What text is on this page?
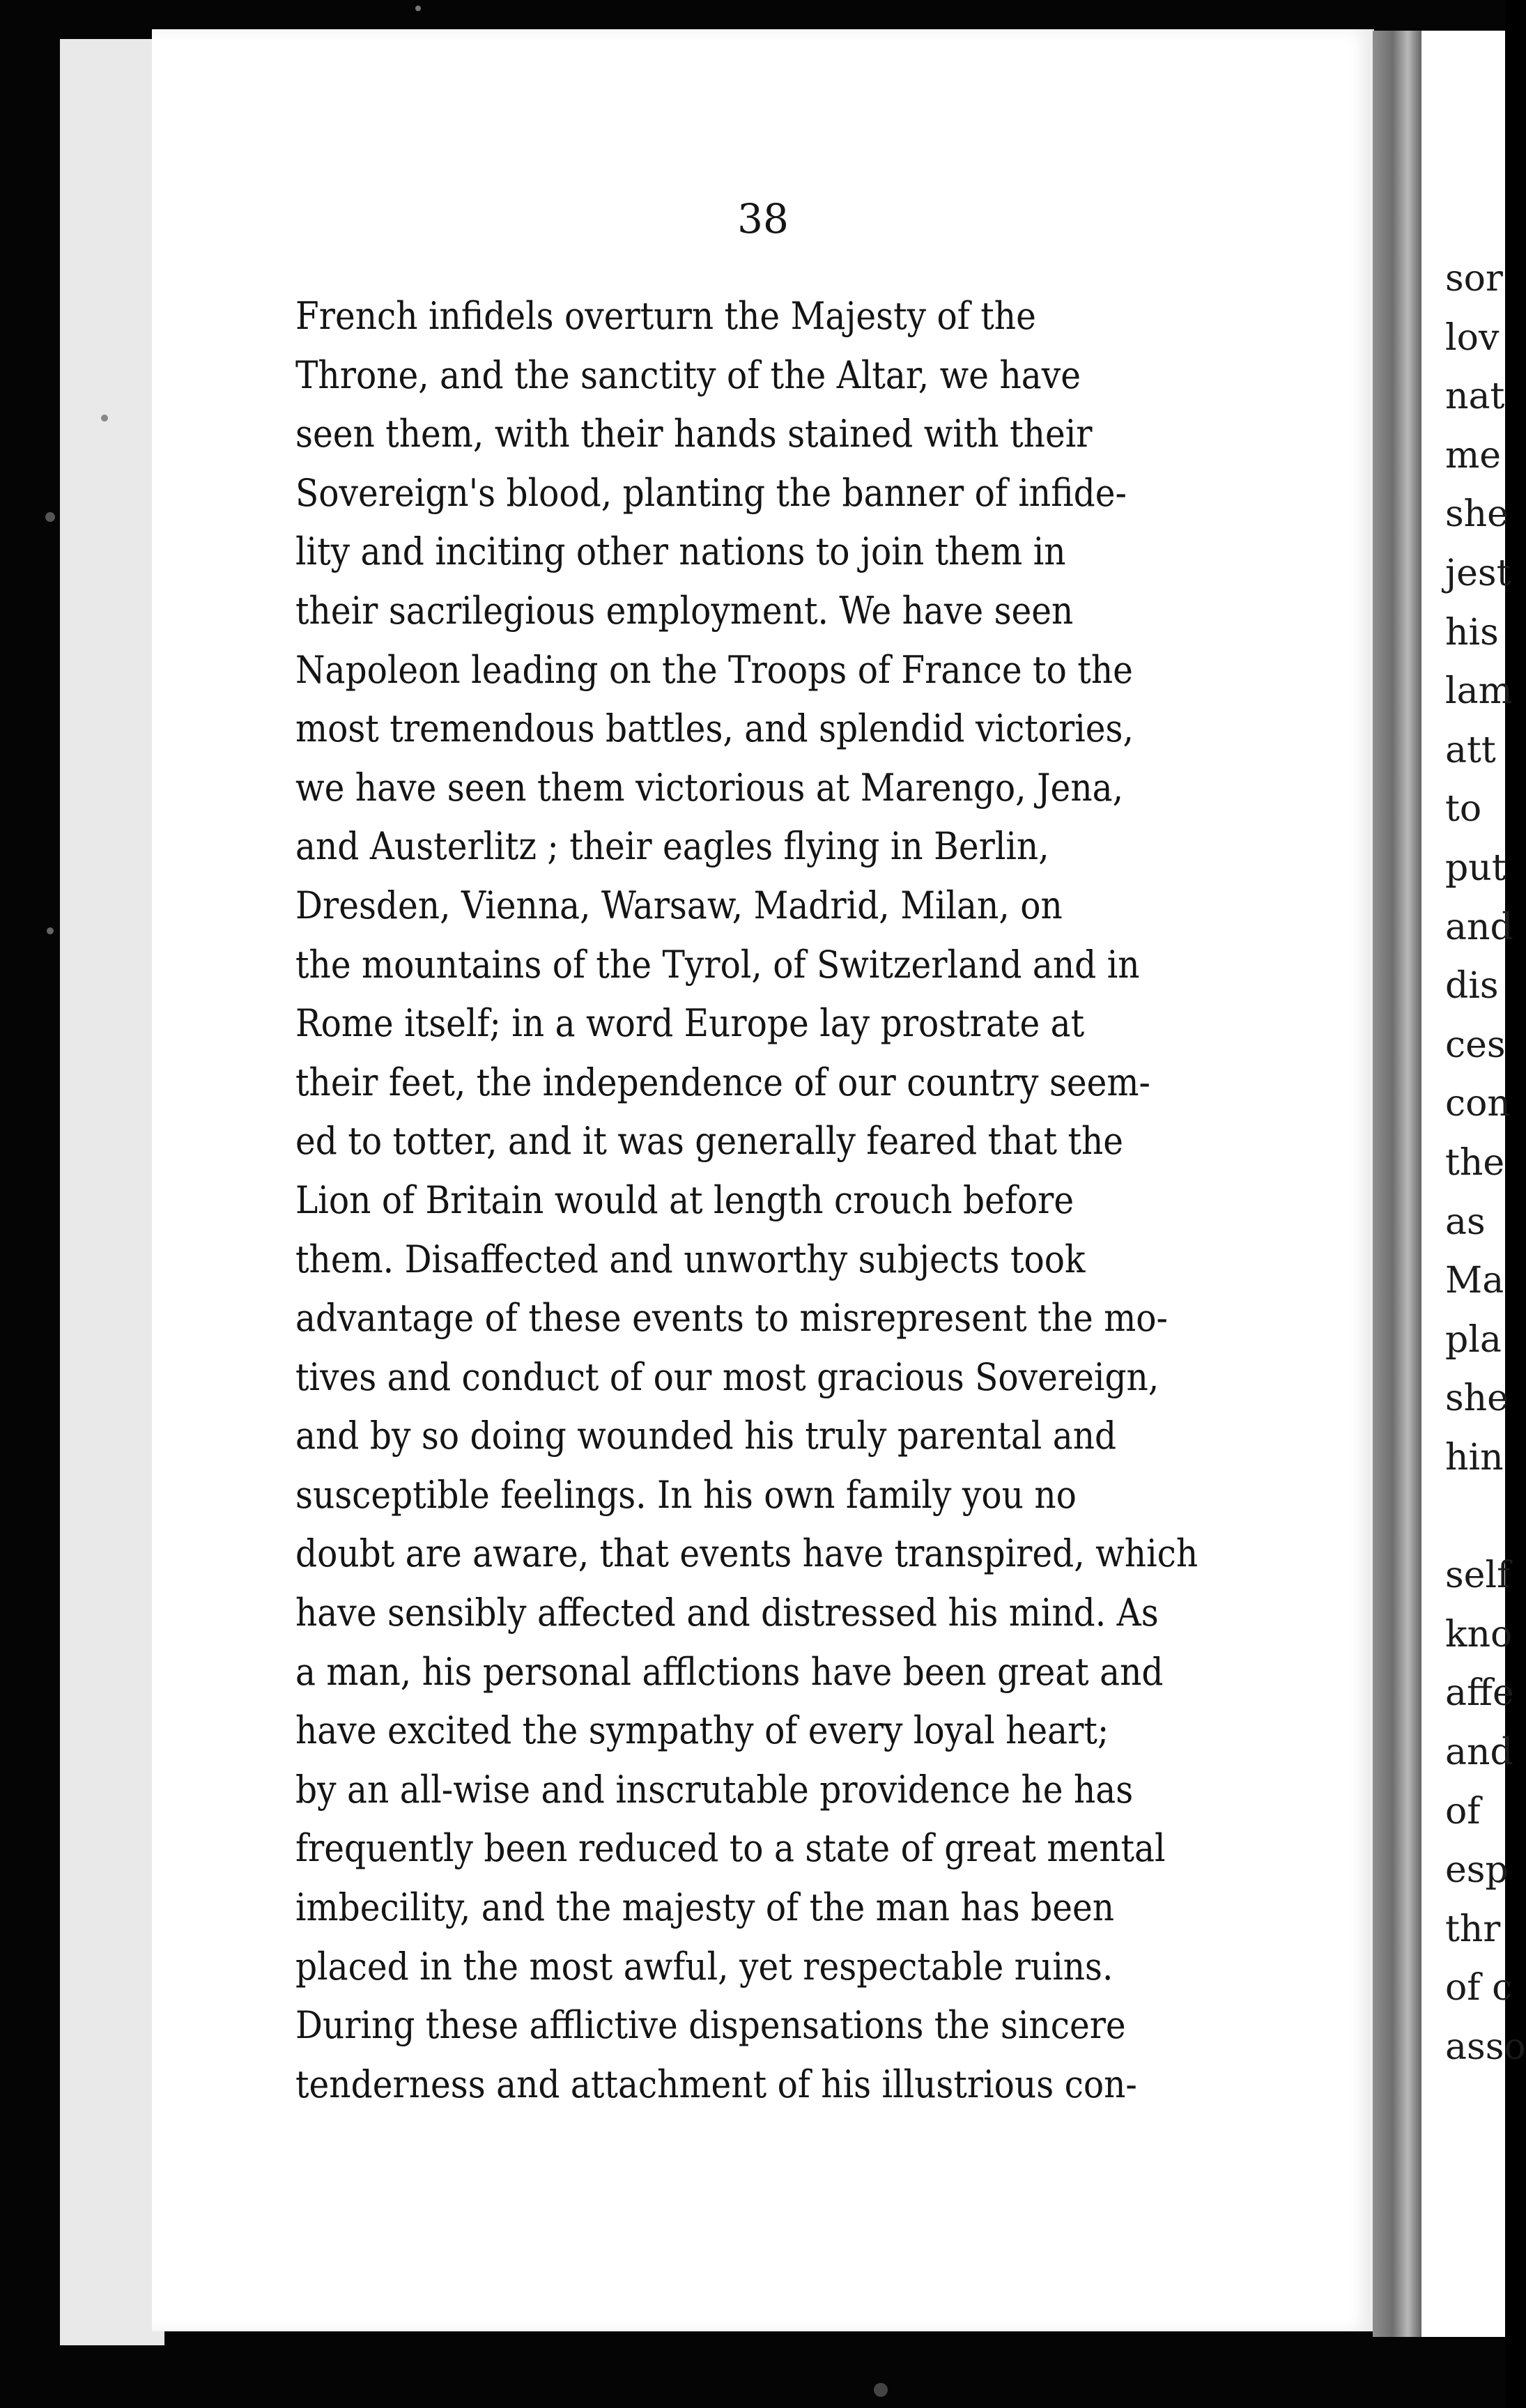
38
French infidels overturn the Majesty of the
Throne, and the sanctity of the Altar, we have
seen them, with their hands stained with their
Sovereign's blood, planting the banner of infide-
lity and inciting other nations to join them in
their sacrilegious employment. We have seen
Napoleon leading on the Troops of France to the
most tremendous battles, and splendid victories,
we have seen them victorious at Marengo, Jena,
and Austerlitz ; their eagles flying in Berlin,
Dresden, Vienna, Warsaw, Madrid, Milan, on
the mountains of the Tyrol, of Switzerland and in
Rome itself; in a word Europe lay prostrate at
their feet, the independence of our country seem-
ed to totter, and it was generally feared that the
Lion of Britain would at length crouch before
them. Disaffected and unworthy subjects took
advantage of these events to misrepresent the mo-
tives and conduct of our most gracious Sovereign,
and by so doing wounded his truly parental and
susceptible feelings. In his own family you no
doubt are aware, that events have transpired, which
have sensibly affected and distressed his mind. As
a man, his personal afflctions have been great and
have excited the sympathy of every loyal heart;
by an all-wise and inscrutable providence he has
frequently been reduced to a state of great mental
imbecility, and the majesty of the man has been
placed in the most awful, yet respectable ruins.
During these afflictive dispensations the sincere
tenderness and attachment of his illustrious con-
sor
lov
nat
me
she
jest
his
lam
att
to
put
and
dis
ces
con
the
as
Ma
pla
she
hin
self
kno
affe
and
of
esp
thr
of c
asso
